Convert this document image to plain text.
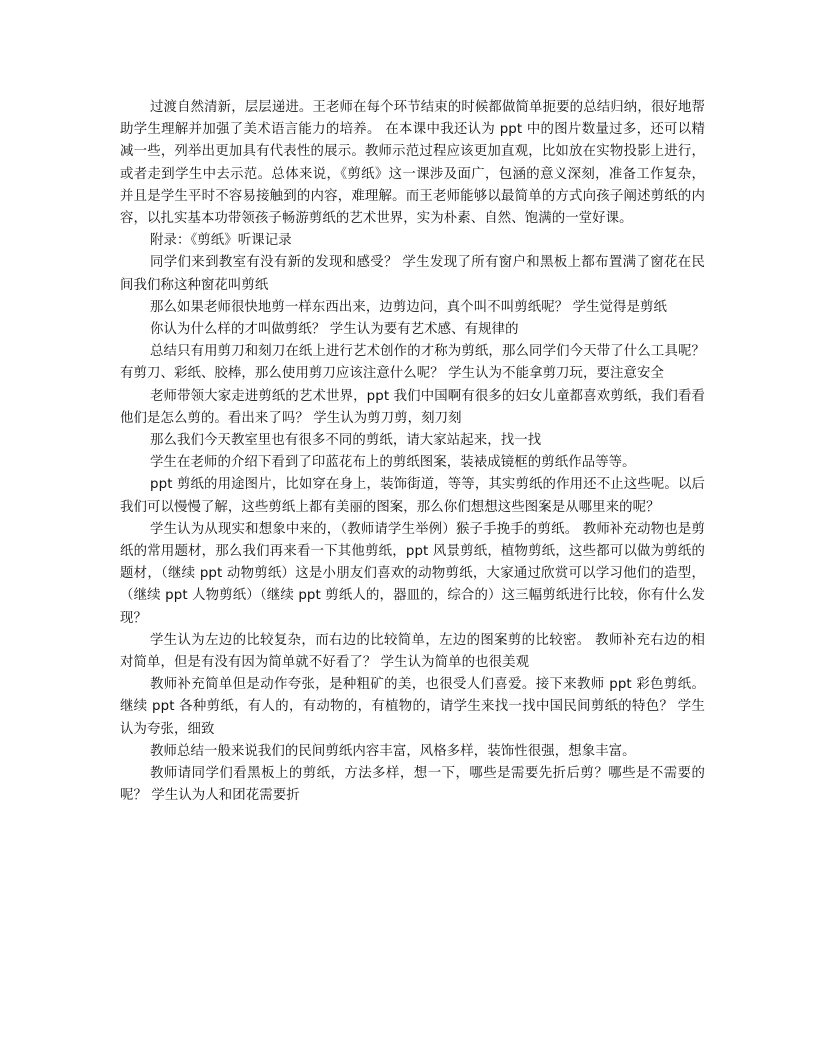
过渡自然清新，层层递进。王老师在每个环节结束的时候都做简单扼要的总结归纳，很好地帮助学生理解并加强了美术语言能力的培养。 在本课中我还认为 ppt 中的图片数量过多，还可以精减一些，列举出更加具有代表性的展示。教师示范过程应该更加直观，比如放在实物投影上进行，或者走到学生中去示范。总体来说，《剪纸》这一课涉及面广，包涵的意义深刻，准备工作复杂，并且是学生平时不容易接触到的内容，难理解。而王老师能够以最简单的方式向孩子阐述剪纸的内容，以扎实基本功带领孩子畅游剪纸的艺术世界，实为朴素、自然、饱满的一堂好课。

附录：《剪纸》听课记录

同学们来到教室有没有新的发现和感受？ 学生发现了所有窗户和黑板上都布置满了窗花在民间我们称这种窗花叫剪纸

那么如果老师很快地剪一样东西出来，边剪边问，真个叫不叫剪纸呢？ 学生觉得是剪纸

你认为什么样的才叫做剪纸？ 学生认为要有艺术感、有规律的

总结只有用剪刀和刻刀在纸上进行艺术创作的才称为剪纸，那么同学们今天带了什么工具呢？有剪刀、彩纸、胶棒，那么使用剪刀应该注意什么呢？ 学生认为不能拿剪刀玩，要注意安全

老师带领大家走进剪纸的艺术世界，ppt 我们中国啊有很多的妇女儿童都喜欢剪纸，我们看看他们是怎么剪的。看出来了吗？ 学生认为剪刀剪，刻刀刻

那么我们今天教室里也有很多不同的剪纸，请大家站起来，找一找

学生在老师的介绍下看到了印蓝花布上的剪纸图案，装裱成镜框的剪纸作品等等。

ppt 剪纸的用途图片，比如穿在身上，装饰街道，等等，其实剪纸的作用还不止这些呢。以后我们可以慢慢了解，这些剪纸上都有美丽的图案，那么你们想想这些图案是从哪里来的呢？

学生认为从现实和想象中来的，（教师请学生举例）猴子手挽手的剪纸。 教师补充动物也是剪纸的常用题材，那么我们再来看一下其他剪纸，ppt 风景剪纸，植物剪纸，这些都可以做为剪纸的题材，（继续 ppt 动物剪纸）这是小朋友们喜欢的动物剪纸，大家通过欣赏可以学习他们的造型，（继续 ppt 人物剪纸）（继续 ppt 剪纸人的，器皿的，综合的）这三幅剪纸进行比较，你有什么发现？

学生认为左边的比较复杂，而右边的比较简单，左边的图案剪的比较密。 教师补充右边的相对简单，但是有没有因为简单就不好看了？ 学生认为简单的也很美观

教师补充简单但是动作夸张，是种粗矿的美，也很受人们喜爱。接下来教师 ppt 彩色剪纸。继续 ppt 各种剪纸，有人的，有动物的，有植物的，请学生来找一找中国民间剪纸的特色？ 学生认为夸张，细致

教师总结一般来说我们的民间剪纸内容丰富，风格多样，装饰性很强，想象丰富。

教师请同学们看黑板上的剪纸，方法多样，想一下，哪些是需要先折后剪？哪些是不需要的呢？ 学生认为人和团花需要折
